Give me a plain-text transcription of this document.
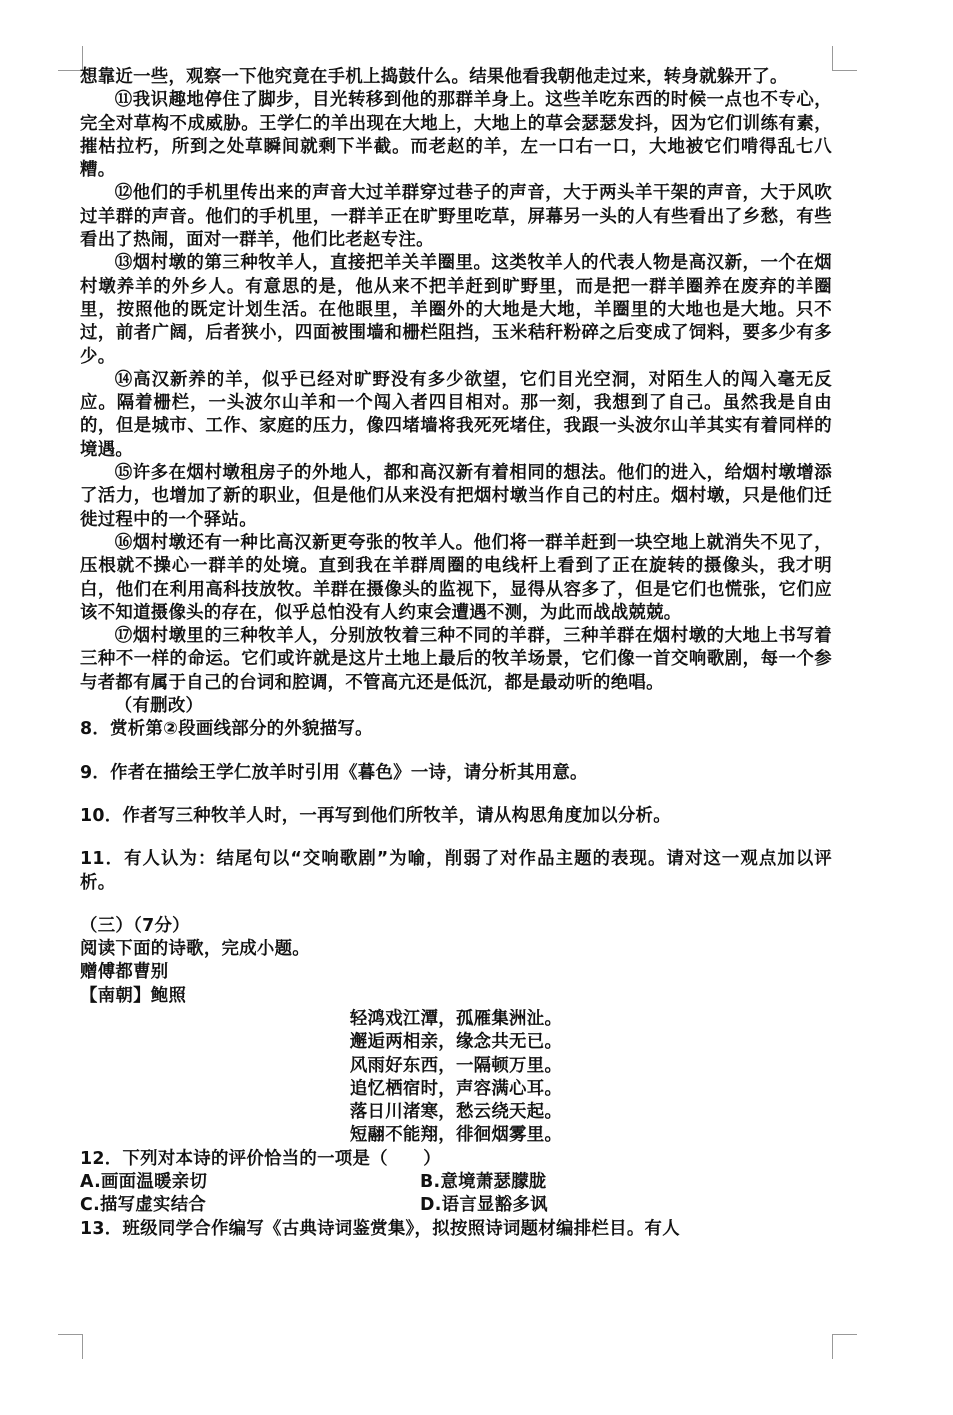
想靠近一些，观察一下他究竟在手机上捣鼓什么。结果他看我朝他走过来，转身就躲开了。

⑪我识趣地停住了脚步，目光转移到他的那群羊身上。这些羊吃东西的时候一点也不专心，完全对草构不成威胁。王学仁的羊出现在大地上，大地上的草会瑟瑟发抖，因为它们训练有素，摧枯拉朽，所到之处草瞬间就剩下半截。而老赵的羊，左一口右一口，大地被它们啃得乱七八糟。

⑫他们的手机里传出来的声音大过羊群穿过巷子的声音，大于两头羊干架的声音，大于风吹过羊群的声音。他们的手机里，一群羊正在旷野里吃草，屏幕另一头的人有些看出了乡愁，有些看出了热闹，面对一群羊，他们比老赵专注。

⑬烟村墩的第三种牧羊人，直接把羊关羊圈里。这类牧羊人的代表人物是高汉新，一个在烟村墩养羊的外乡人。有意思的是，他从来不把羊赶到旷野里，而是把一群羊圈养在废弃的羊圈里，按照他的既定计划生活。在他眼里，羊圈外的大地是大地，羊圈里的大地也是大地。只不过，前者广阔，后者狭小，四面被围墙和栅栏阻挡，玉米秸秆粉碎之后变成了饲料，要多少有多少。

⑭高汉新养的羊，似乎已经对旷野没有多少欲望，它们目光空洞，对陌生人的闯入毫无反应。隔着栅栏，一头波尔山羊和一个闯入者四目相对。那一刻，我想到了自己。虽然我是自由的，但是城市、工作、家庭的压力，像四堵墙将我死死堵住，我跟一头波尔山羊其实有着同样的境遇。

⑮许多在烟村墩租房子的外地人，都和高汉新有着相同的想法。他们的进入，给烟村墩增添了活力，也增加了新的职业，但是他们从来没有把烟村墩当作自己的村庄。烟村墩，只是他们迁徙过程中的一个驿站。

⑯烟村墩还有一种比高汉新更夸张的牧羊人。他们将一群羊赶到一块空地上就消失不见了，压根就不操心一群羊的处境。直到我在羊群周圈的电线杆上看到了正在旋转的摄像头，我才明白，他们在利用高科技放牧。羊群在摄像头的监视下，显得从容多了，但是它们也慌张，它们应该不知道摄像头的存在，似乎总怕没有人约束会遭遇不测，为此而战战兢兢。

⑰烟村墩里的三种牧羊人，分别放牧着三种不同的羊群，三种羊群在烟村墩的大地上书写着三种不一样的命运。它们或许就是这片土地上最后的牧羊场景，它们像一首交响歌剧，每一个参与者都有属于自己的台词和腔调，不管高亢还是低沉，都是最动听的绝唱。

（有删改）

8．赏析第②段画线部分的外貌描写。

9．作者在描绘王学仁放羊时引用《暮色》一诗，请分析其用意。

10．作者写三种牧羊人时，一再写到他们所牧羊，请从构思角度加以分析。

11．有人认为：结尾句以“交响歌剧”为喻，削弱了对作品主题的表现。请对这一观点加以评析。

（三）（7分）

阅读下面的诗歌，完成小题。

赠傅都曹别

【南朝】鲍照

轻鸿戏江潭，孤雁集洲沚。
邂逅两相亲，缘念共无已。
风雨好东西，一隔顿万里。
追忆栖宿时，声容满心耳。
落日川渚寒，愁云绕天起。
短翮不能翔，徘徊烟雾里。

12．下列对本诗的评价恰当的一项是（　　）

A.画面温暖亲切	B.意境萧瑟朦胧
C.描写虚实结合	D.语言显豁多讽

13．班级同学合作编写《古典诗词鉴赏集》，拟按照诗词题材编排栏目。有人
